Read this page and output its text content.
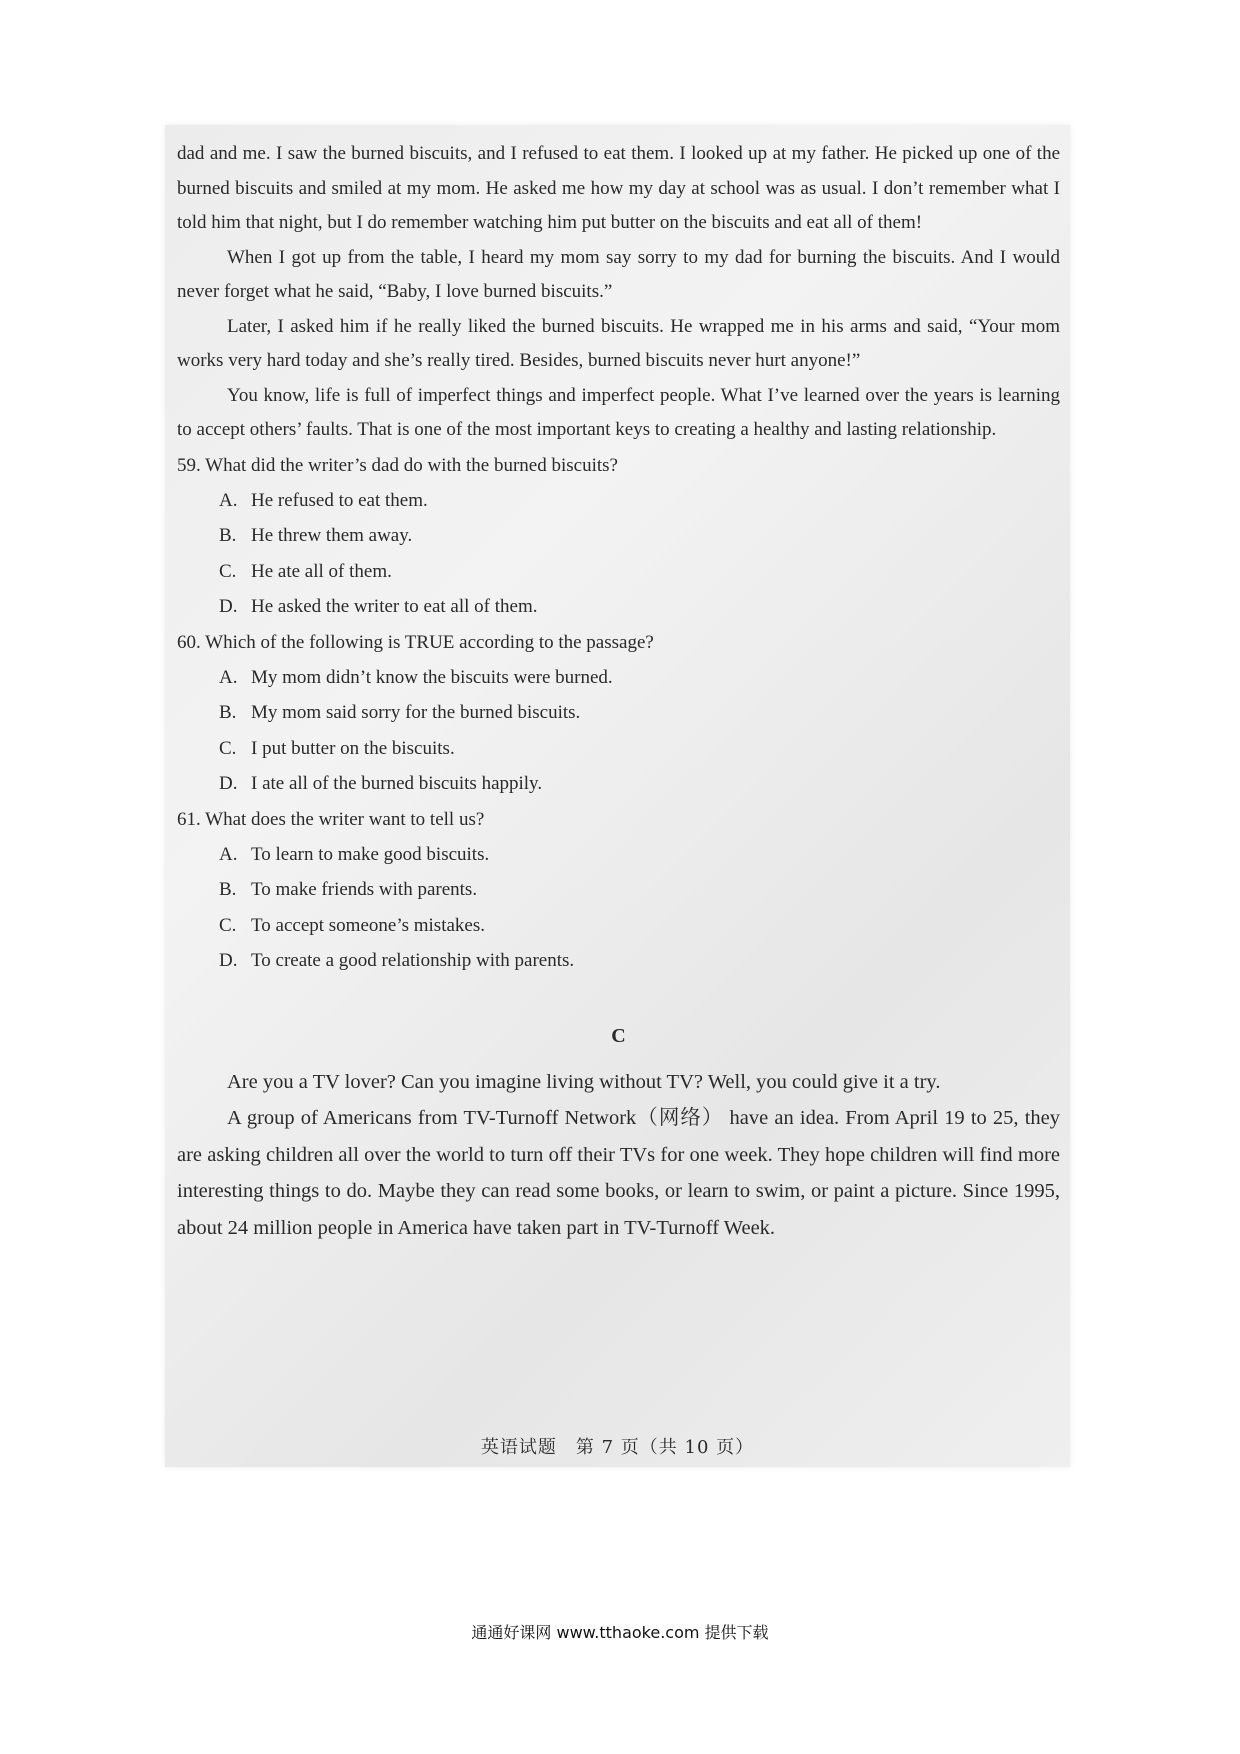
dad and me. I saw the burned biscuits, and I refused to eat them. I looked up at my father. He picked up one of the burned biscuits and smiled at my mom. He asked me how my day at school was as usual. I don’t remember what I told him that night, but I do remember watching him put butter on the biscuits and eat all of them!

When I got up from the table, I heard my mom say sorry to my dad for burning the biscuits. And I would never forget what he said, “Baby, I love burned biscuits.”

Later, I asked him if he really liked the burned biscuits. He wrapped me in his arms and said, “Your mom works very hard today and she’s really tired. Besides, burned biscuits never hurt anyone!”

You know, life is full of imperfect things and imperfect people. What I’ve learned over the years is learning to accept others’ faults. That is one of the most important keys to creating a healthy and lasting relationship.

59. What did the writer’s dad do with the burned biscuits?

A. He refused to eat them.

B. He threw them away.

C. He ate all of them.

D. He asked the writer to eat all of them.

60. Which of the following is TRUE according to the passage?

A. My mom didn’t know the biscuits were burned.

B. My mom said sorry for the burned biscuits.

C. I put butter on the biscuits.

D. I ate all of the burned biscuits happily.

61. What does the writer want to tell us?

A. To learn to make good biscuits.

B. To make friends with parents.

C. To accept someone’s mistakes.

D. To create a good relationship with parents.

C

Are you a TV lover? Can you imagine living without TV? Well, you could give it a try.

A group of Americans from TV-Turnoff Network（网络） have an idea. From April 19 to 25, they are asking children all over the world to turn off their TVs for one week. They hope children will find more interesting things to do. Maybe they can read some books, or learn to swim, or paint a picture. Since 1995, about 24 million people in America have taken part in TV-Turnoff Week.

英语试题　第 7 页（共 10 页）
通通好课网 www.tthaoke.com 提供下载
